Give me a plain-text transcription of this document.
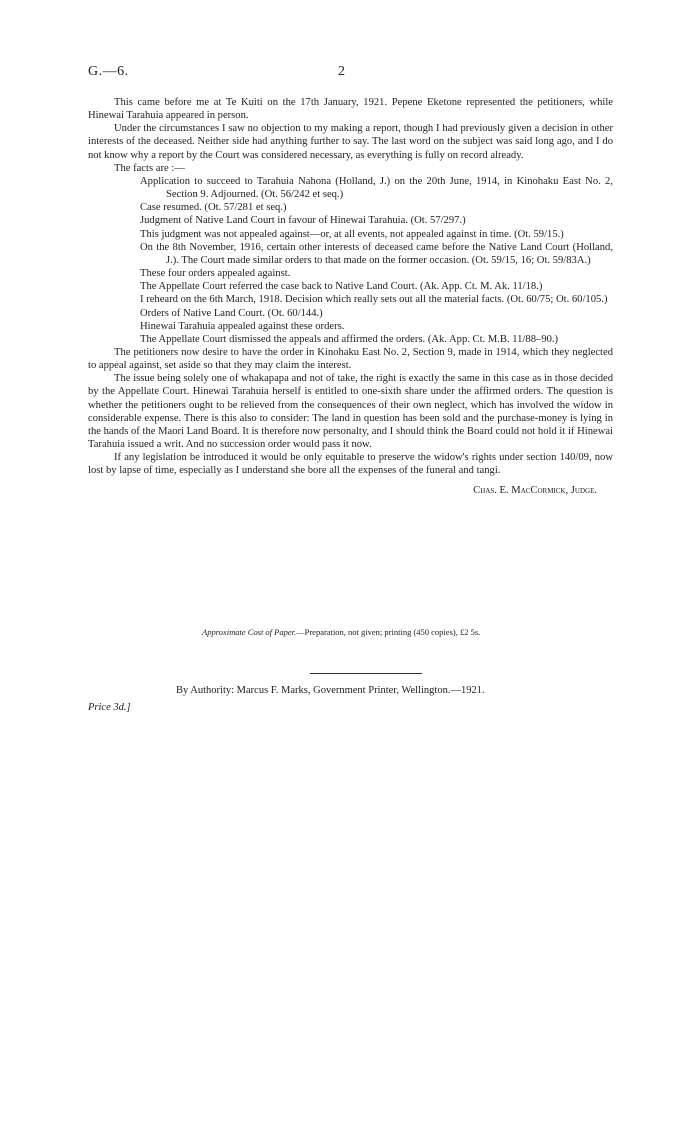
G.—6.	2

This came before me at Te Kuiti on the 17th January, 1921. Pepene Eketone represented the petitioners, while Hinewai Tarahuia appeared in person.

Under the circumstances I saw no objection to my making a report, though I had previously given a decision in other interests of the deceased. Neither side had anything further to say. The last word on the subject was said long ago, and I do not know why a report by the Court was considered necessary, as everything is fully on record already.

The facts are :—

Application to succeed to Tarahuia Nahona (Holland, J.) on the 20th June, 1914, in Kinohaku East No. 2, Section 9. Adjourned. (Ot. 56/242 et seq.)

Case resumed. (Ot. 57/281 et seq.)

Judgment of Native Land Court in favour of Hinewai Tarahuia. (Ot. 57/297.)

This judgment was not appealed against—or, at all events, not appealed against in time. (Ot. 59/15.)

On the 8th November, 1916, certain other interests of deceased came before the Native Land Court (Holland, J.). The Court made similar orders to that made on the former occasion. (Ot. 59/15, 16; Ot. 59/83A.)

These four orders appealed against.

The Appellate Court referred the case back to Native Land Court. (Ak. App. Ct. M. Ak. 11/18.)

I reheard on the 6th March, 1918. Decision which really sets out all the material facts. (Ot. 60/75; Ot. 60/105.)

Orders of Native Land Court. (Ot. 60/144.)

Hinewai Tarahuia appealed against these orders.

The Appellate Court dismissed the appeals and affirmed the orders. (Ak. App. Ct. M.B. 11/88–90.)

The petitioners now desire to have the order in Kinohaku East No. 2, Section 9, made in 1914, which they neglected to appeal against, set aside so that they may claim the interest.

The issue being solely one of whakapapa and not of take, the right is exactly the same in this case as in those decided by the Appellate Court. Hinewai Tarahuia herself is entitled to one-sixth share under the affirmed orders. The question is whether the petitioners ought to be relieved from the consequences of their own neglect, which has involved the widow in considerable expense. There is this also to consider: The land in question has been sold and the purchase-money is lying in the hands of the Maori Land Board. It is therefore now personalty, and I should think the Board could not hold it if Hinewai Tarahuia issued a writ. And no succession order would pass it now.

If any legislation be introduced it would be only equitable to preserve the widow's rights under section 140/09, now lost by lapse of time, especially as I understand she bore all the expenses of the funeral and tangi.

Chas. E. MacCormick, Judge.
Approximate Cost of Paper.—Preparation, not given; printing (450 copies), £2 5s.
By Authority: Marcus F. Marks, Government Printer, Wellington.—1921.
Price 3d.]
